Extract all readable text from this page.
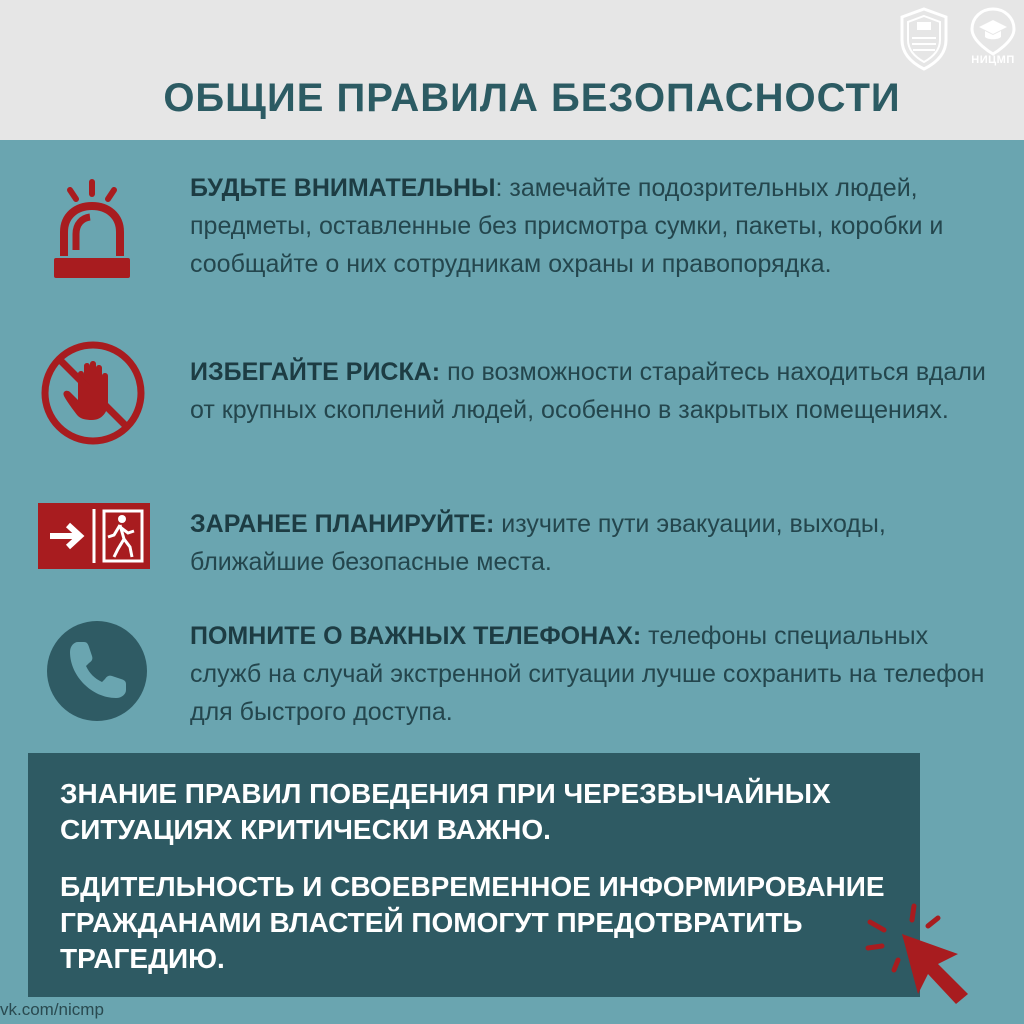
ОБЩИЕ ПРАВИЛА БЕЗОПАСНОСТИ
НИЦМП
БУДЬТЕ ВНИМАТЕЛЬНЫ: замечайте подозрительных людей, предметы, оставленные без присмотра сумки, пакеты, коробки и сообщайте о них сотрудникам охраны и правопорядка.
ИЗБЕГАЙТЕ РИСКА: по возможности старайтесь находиться вдали от крупных скоплений людей, особенно в закрытых помещениях.
ЗАРАНЕЕ ПЛАНИРУЙТЕ: изучите пути эвакуации, выходы, ближайшие безопасные места.
ПОМНИТЕ О ВАЖНЫХ ТЕЛЕФОНАХ: телефоны специальных служб на случай экстренной ситуации лучше сохранить на телефон для быстрого доступа.
ЗНАНИЕ ПРАВИЛ ПОВЕДЕНИЯ ПРИ ЧЕРЕЗВЫЧАЙНЫХ СИТУАЦИЯХ КРИТИЧЕСКИ ВАЖНО.
БДИТЕЛЬНОСТЬ И СВОЕВРЕМЕННОЕ ИНФОРМИРОВАНИЕ ГРАЖДАНАМИ ВЛАСТЕЙ ПОМОГУТ ПРЕДОТВРАТИТЬ ТРАГЕДИЮ.
vk.com/nicmp
